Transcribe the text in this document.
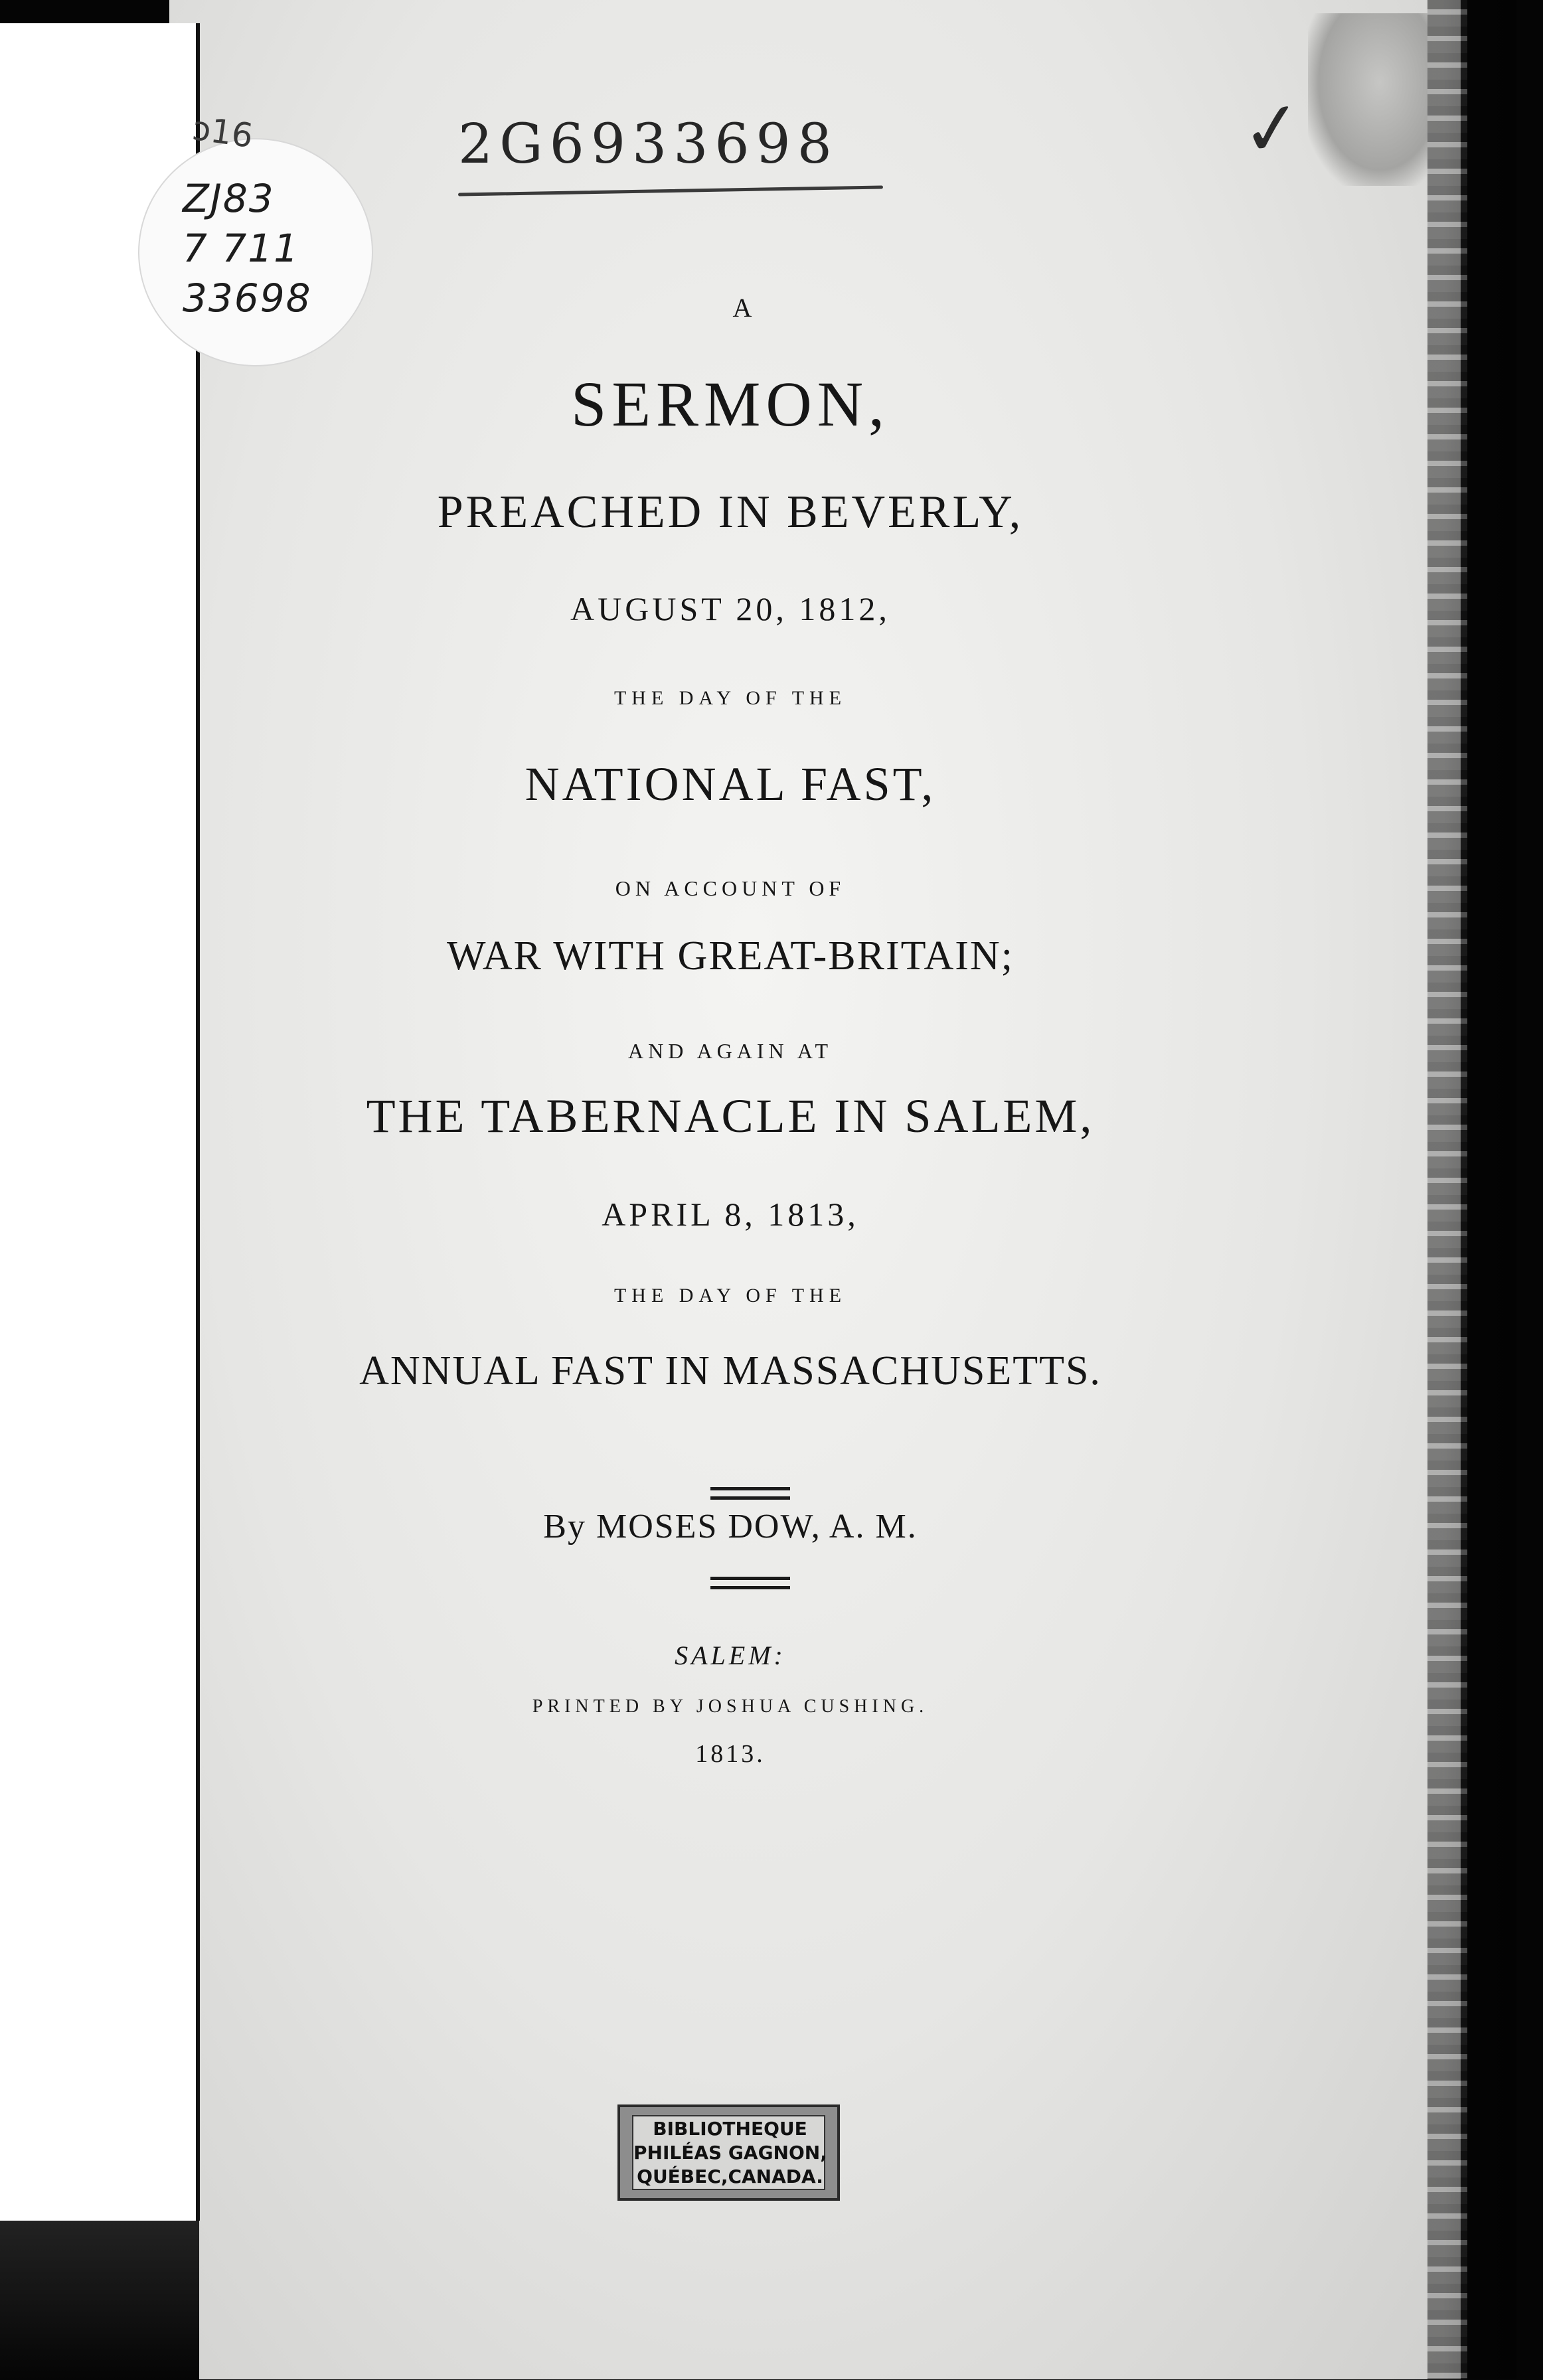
ɔ16
ZJ83
7 711
33698
2G6933698	✓
A
SERMON,
PREACHED IN BEVERLY,
AUGUST 20, 1812,
THE DAY OF THE
NATIONAL FAST,
ON ACCOUNT OF
WAR WITH GREAT-BRITAIN;
AND AGAIN AT
THE TABERNACLE IN SALEM,
APRIL 8, 1813,
THE DAY OF THE
ANNUAL FAST IN MASSACHUSETTS.
By MOSES DOW, A. M.
SALEM:
PRINTED BY JOSHUA CUSHING.
1813.
BIBLIOTHEQUE
PHILÉAS GAGNON,
QUÉBEC,CANADA.
